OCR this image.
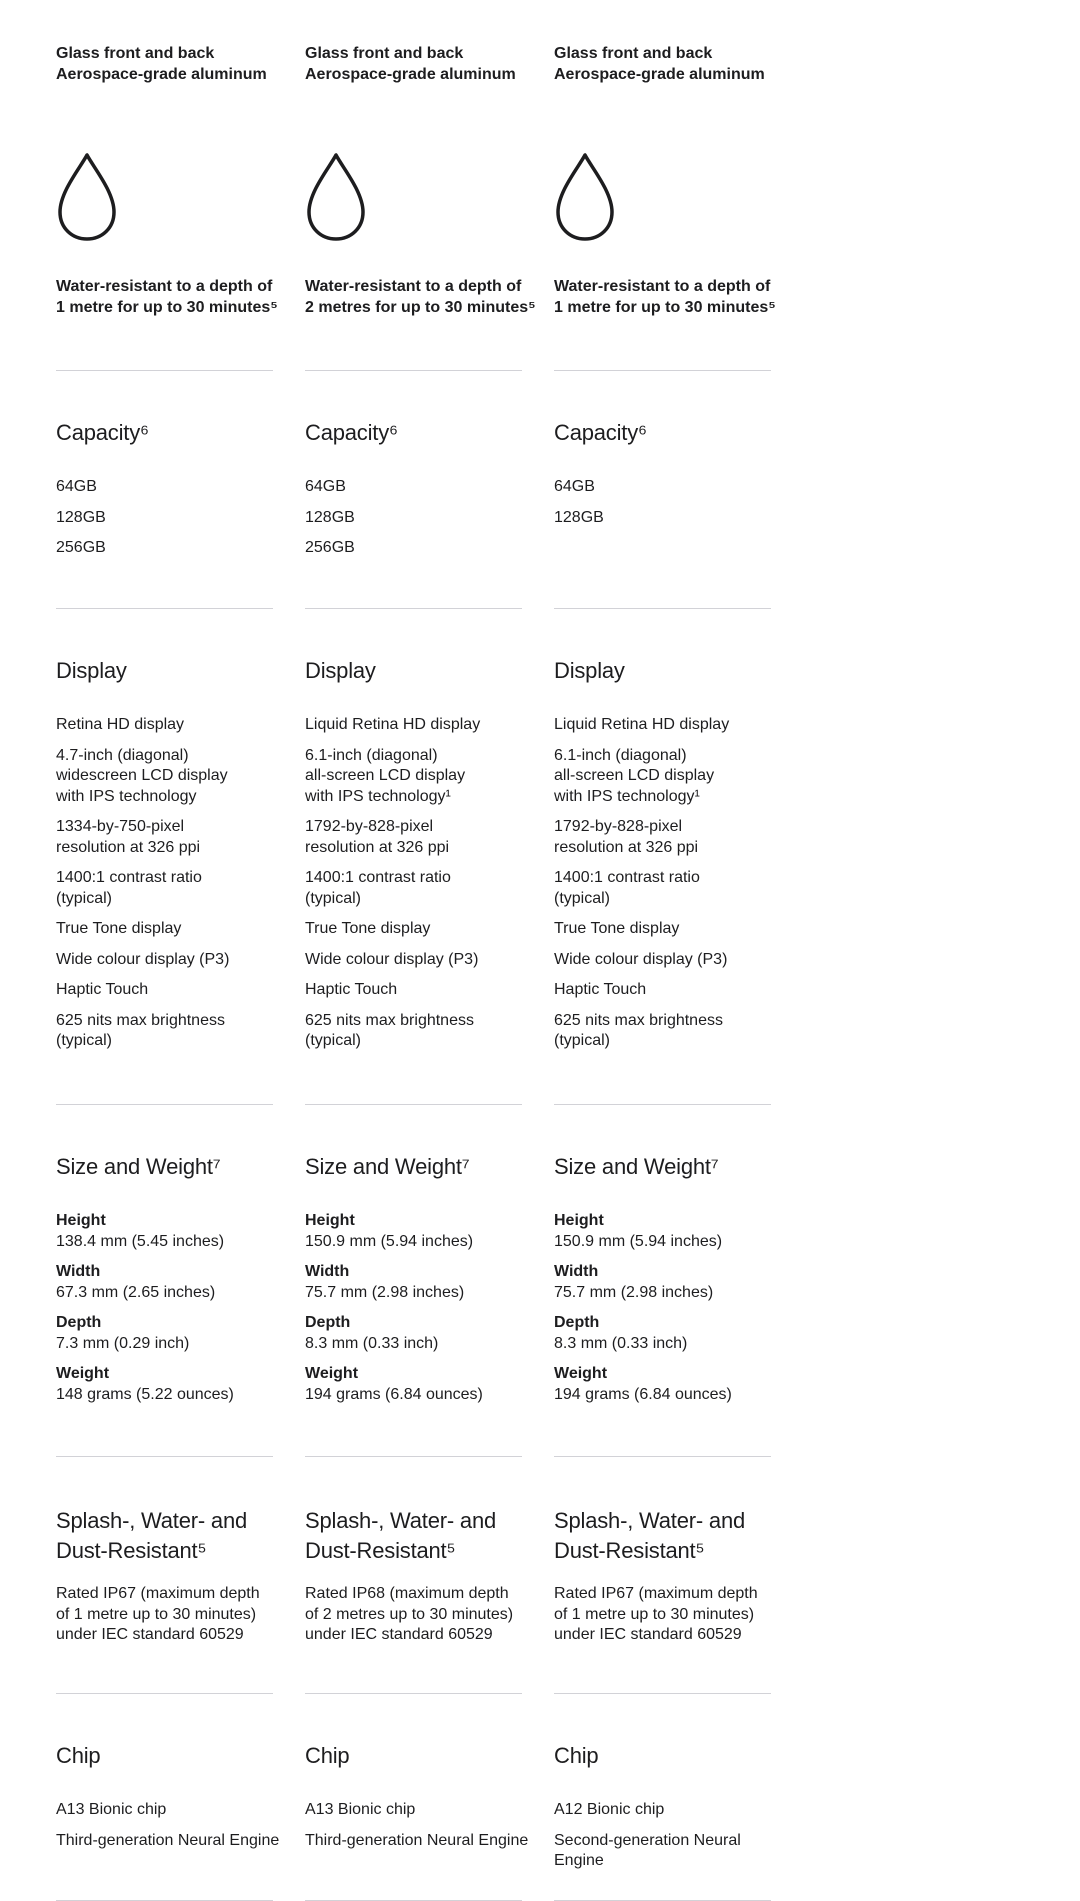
Glass front and back
Aerospace-grade aluminum
Water-resistant to a depth of
1 metre for up to 30 minutes⁵
Capacity⁶
64GB
128GB
256GB
Display
Retina HD display
4.7-inch (diagonal)
widescreen LCD display
with IPS technology
1334-by-750-pixel
resolution at 326 ppi
1400:1 contrast ratio
(typical)
True Tone display
Wide colour display (P3)
Haptic Touch
625 nits max brightness
(typical)
Size and Weight⁷
Height
138.4 mm (5.45 inches)
Width
67.3 mm (2.65 inches)
Depth
7.3 mm (0.29 inch)
Weight
148 grams (5.22 ounces)
Splash-, Water- and
Dust-Resistant⁵
Rated IP67 (maximum depth
of 1 metre up to 30 minutes)
under IEC standard 60529
Chip
A13 Bionic chip
Third-generation Neural Engine
Glass front and back
Aerospace-grade aluminum
Water-resistant to a depth of
2 metres for up to 30 minutes⁵
Capacity⁶
64GB
128GB
256GB
Display
Liquid Retina HD display
6.1-inch (diagonal)
all-screen LCD display
with IPS technology¹
1792-by-828-pixel
resolution at 326 ppi
1400:1 contrast ratio
(typical)
True Tone display
Wide colour display (P3)
Haptic Touch
625 nits max brightness
(typical)
Size and Weight⁷
Height
150.9 mm (5.94 inches)
Width
75.7 mm (2.98 inches)
Depth
8.3 mm (0.33 inch)
Weight
194 grams (6.84 ounces)
Splash-, Water- and
Dust-Resistant⁵
Rated IP68 (maximum depth
of 2 metres up to 30 minutes)
under IEC standard 60529
Chip
A13 Bionic chip
Third-generation Neural Engine
Glass front and back
Aerospace-grade aluminum
Water-resistant to a depth of
1 metre for up to 30 minutes⁵
Capacity⁶
64GB
128GB
Display
Liquid Retina HD display
6.1-inch (diagonal)
all-screen LCD display
with IPS technology¹
1792-by-828-pixel
resolution at 326 ppi
1400:1 contrast ratio
(typical)
True Tone display
Wide colour display (P3)
Haptic Touch
625 nits max brightness
(typical)
Size and Weight⁷
Height
150.9 mm (5.94 inches)
Width
75.7 mm (2.98 inches)
Depth
8.3 mm (0.33 inch)
Weight
194 grams (6.84 ounces)
Splash-, Water- and
Dust-Resistant⁵
Rated IP67 (maximum depth
of 1 metre up to 30 minutes)
under IEC standard 60529
Chip
A12 Bionic chip
Second-generation Neural Engine
